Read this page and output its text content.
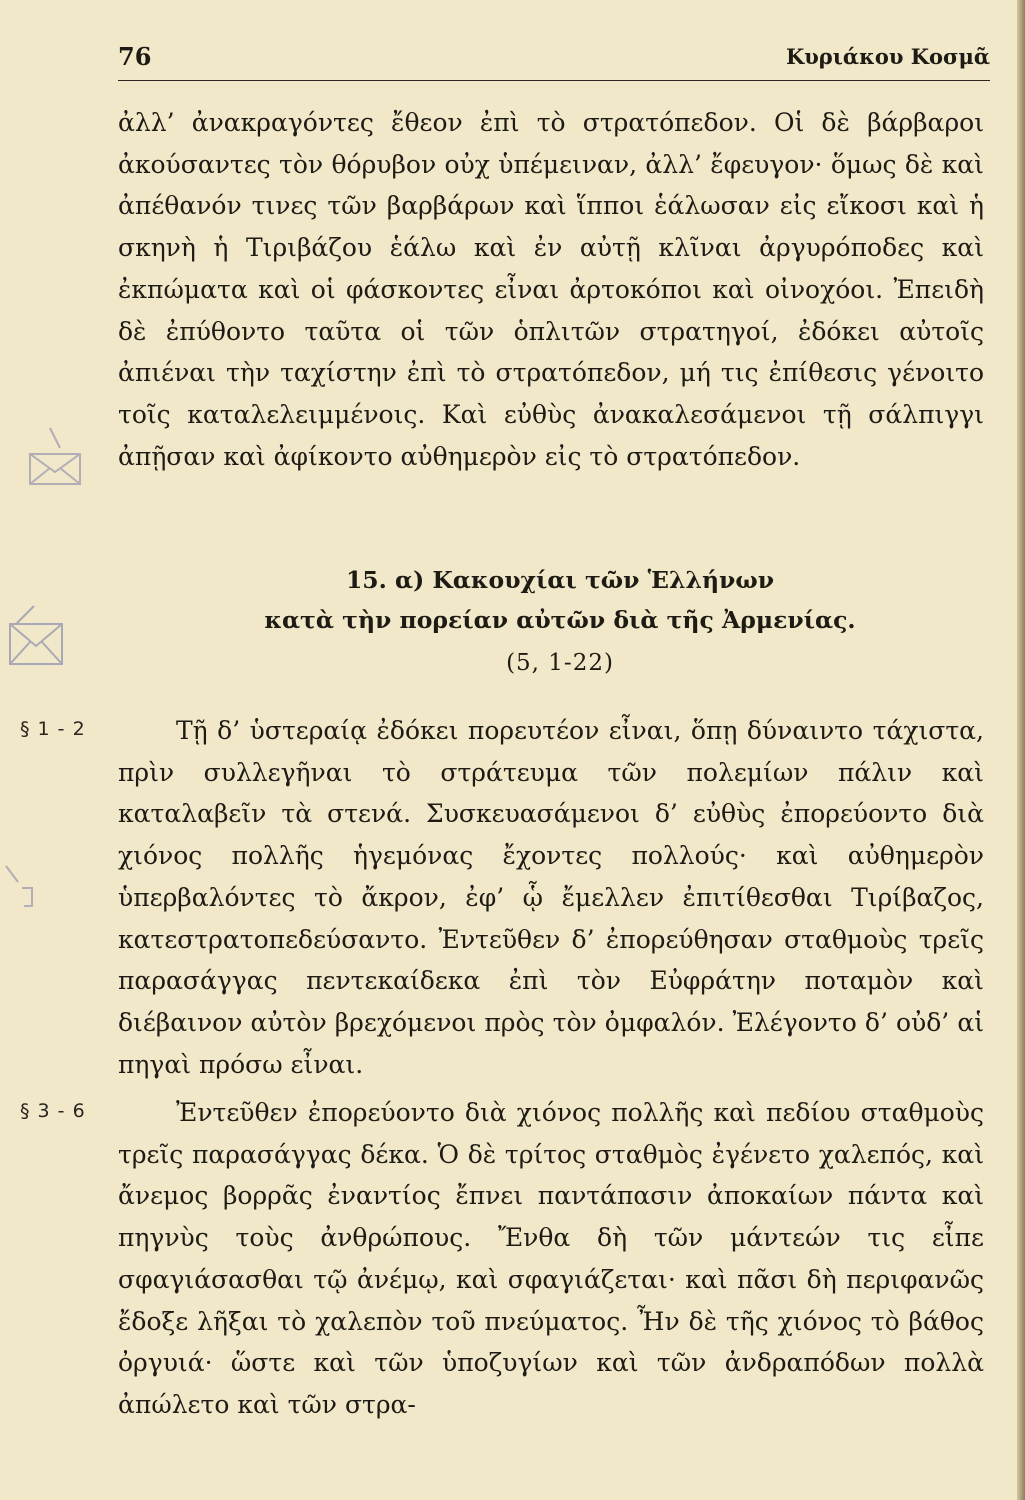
76	Κυριάκου Κοσμᾶ

ἀλλ’ ἀνακραγόντες ἔθεον ἐπὶ τὸ στρατόπεδον. Οἱ δὲ βάρβαροι ἀκούσαντες τὸν θόρυβον οὐχ ὑπέμειναν, ἀλλ’ ἔφευγον· ὅμως δὲ καὶ ἀπέθανόν τινες τῶν βαρβάρων καὶ ἵπποι ἑάλωσαν εἰς εἴκοσι καὶ ἡ σκηνὴ ἡ Τιριβάζου ἑάλω καὶ ἐν αὐτῇ κλῖναι ἀργυρόποδες καὶ ἐκπώματα καὶ οἱ φάσκοντες εἶναι ἀρτοκόποι καὶ οἰνοχόοι. Ἐπειδὴ δὲ ἐπύθοντο ταῦτα οἱ τῶν ὁπλιτῶν στρατηγοί, ἐδόκει αὐτοῖς ἀπιέναι τὴν ταχίστην ἐπὶ τὸ στρατόπεδον, μή τις ἐπίθεσις γένοιτο τοῖς καταλελειμμένοις. Καὶ εὐθὺς ἀνακαλεσάμενοι τῇ σάλπιγγι ἀπῇσαν καὶ ἀφίκοντο αὐθημερὸν εἰς τὸ στρατόπεδον.

15. α) Κακουχίαι τῶν Ἑλλήνων
κατὰ τὴν πορείαν αὐτῶν διὰ τῆς Ἀρμενίας.
(5, 1-22)
§ 1 - 2	Τῇ δ’ ὑστεραίᾳ ἐδόκει πορευτέον εἶναι, ὅπῃ δύναιντο τάχιστα, πρὶν συλλεγῆναι τὸ στράτευμα τῶν πολεμίων πάλιν καὶ καταλαβεῖν τὰ στενά. Συσκευασάμενοι δ’ εὐθὺς ἐπορεύοντο διὰ χιόνος πολλῆς ἡγεμόνας ἔχοντες πολλούς· καὶ αὐθημερὸν ὑπερβαλόντες τὸ ἄκρον, ἐφ’ ᾧ ἔμελλεν ἐπιτίθεσθαι Τιρίβαζος, κατεστρατοπεδεύσαντο. Ἐντεῦθεν δ’ ἐπορεύθησαν σταθμοὺς τρεῖς παρασάγγας πεντεκαίδεκα ἐπὶ τὸν Εὐφράτην ποταμὸν καὶ διέβαινον αὐτὸν βρεχόμενοι πρὸς τὸν ὀμφαλόν. Ἐλέγοντο δ’ οὐδ’ αἱ πηγαὶ πρόσω εἶναι.

§ 3 - 6	Ἐντεῦθεν ἐπορεύοντο διὰ χιόνος πολλῆς καὶ πεδίου σταθμοὺς τρεῖς παρασάγγας δέκα. Ὁ δὲ τρίτος σταθμὸς ἐγένετο χαλεπός, καὶ ἄνεμος βορρᾶς ἐναντίος ἔπνει παντάπασιν ἀποκαίων πάντα καὶ πηγνὺς τοὺς ἀνθρώπους. Ἔνθα δὴ τῶν μάντεών τις εἶπε σφαγιάσασθαι τῷ ἀνέμῳ, καὶ σφαγιάζεται· καὶ πᾶσι δὴ περιφανῶς ἔδοξε λῆξαι τὸ χαλεπὸν τοῦ πνεύματος. Ἦν δὲ τῆς χιόνος τὸ βάθος ὀργυιά· ὥστε καὶ τῶν ὑποζυγίων καὶ τῶν ἀνδραπόδων πολλὰ ἀπώλετο καὶ τῶν στρα-
